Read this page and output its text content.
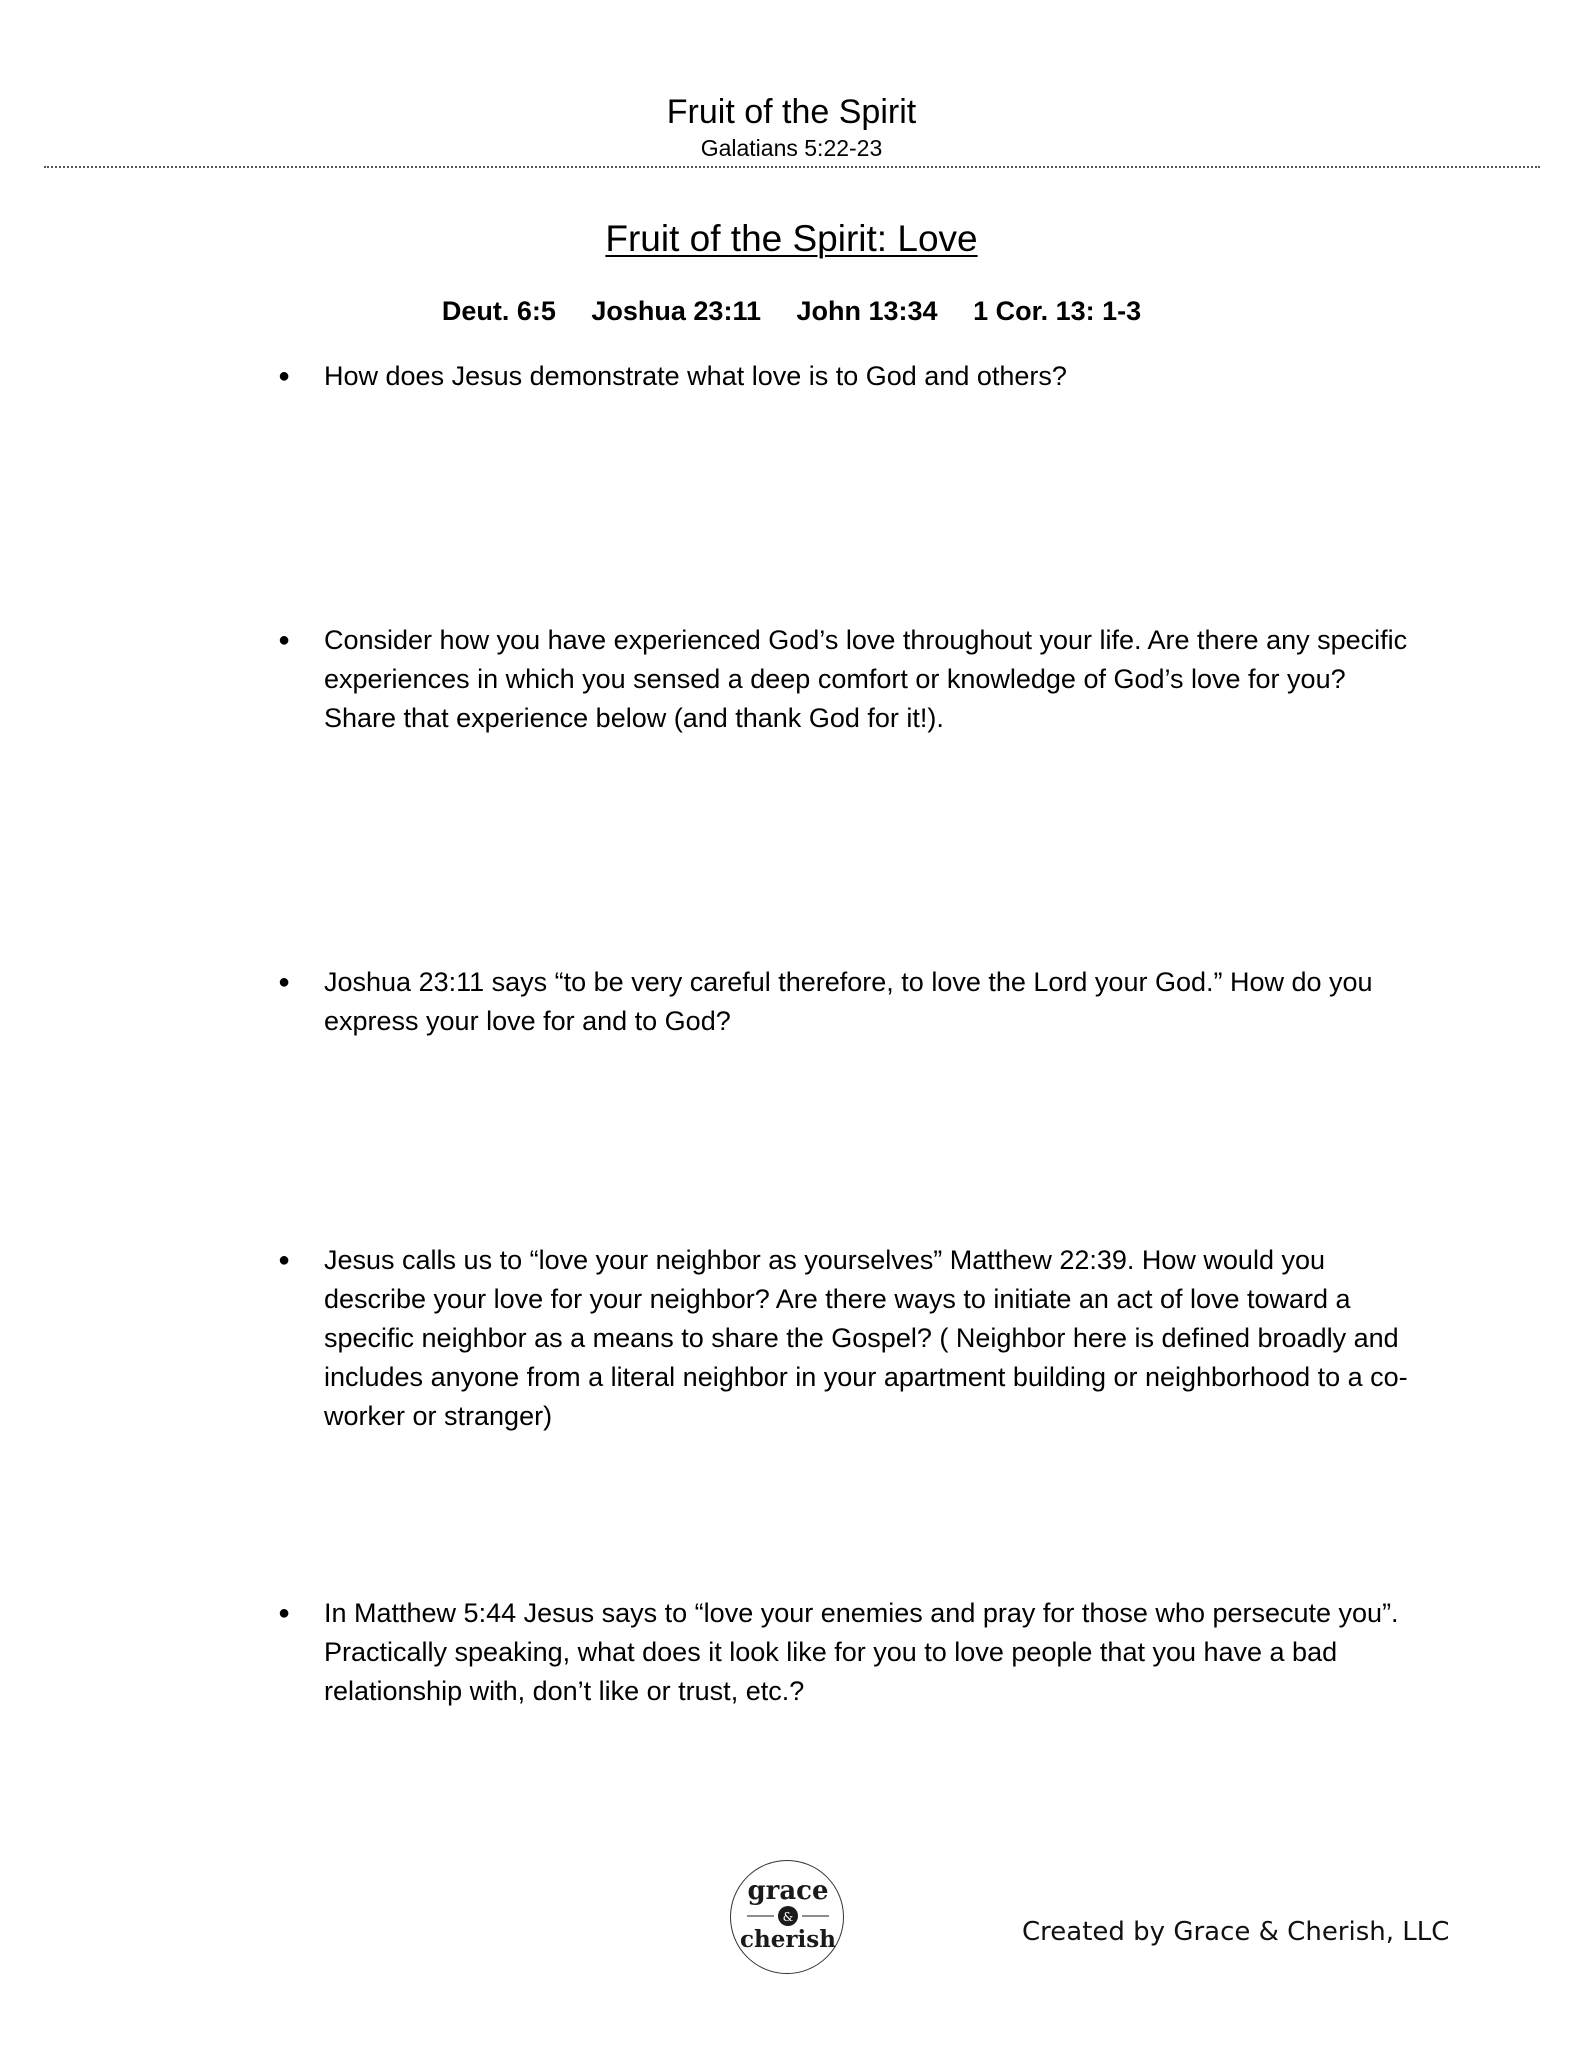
Fruit of the Spirit
Galatians 5:22-23
Fruit of the Spirit: Love
Deut. 6:5 Joshua 23:11 John 13:34 1 Cor. 13: 1-3
●	How does Jesus demonstrate what love is to God and others?

●	Consider how you have experienced God’s love throughout your life. Are there any specific experiences in which you sensed a deep comfort or knowledge of God’s love for you? Share that experience below (and thank God for it!).

●	Joshua 23:11 says “to be very careful therefore, to love the Lord your God.” How do you express your love for and to God?

●	Jesus calls us to “love your neighbor as yourselves” Matthew 22:39. How would you describe your love for your neighbor? Are there ways to initiate an act of love toward a specific neighbor as a means to share the Gospel? ( Neighbor here is defined broadly and includes anyone from a literal neighbor in your apartment building or neighborhood to a co-worker or stranger)

●	In Matthew 5:44 Jesus says to “love your enemies and pray for those who persecute you”. Practically speaking, what does it look like for you to love people that you have a bad relationship with, don’t like or trust, etc.?

grace
&
cherish	Created by Grace & Cherish, LLC
